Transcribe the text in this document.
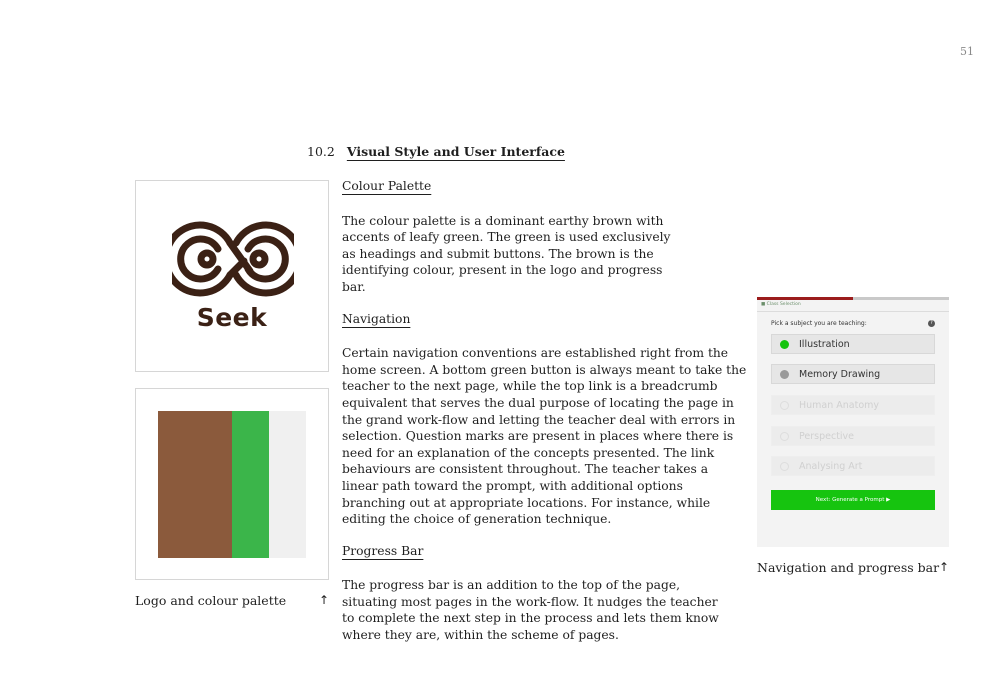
51
10.2 Visual Style and User Interface
Seek
Logo and colour palette	↑
Colour Palette

The colour palette is a dominant earthy brown with accents of leafy green. The green is used exclusively as headings and submit buttons. The brown is the identifying colour, present in the logo and progress bar.

Navigation

Certain navigation conventions are established right from the home screen. A bottom green button is always meant to take the teacher to the next page, while the top link is a breadcrumb equivalent that serves the dual purpose of locating the page in the grand work-flow and letting the teacher deal with errors in selection. Question marks are present in places where there is need for an explanation of the concepts presented. The link behaviours are consistent throughout. The teacher takes a linear path toward the prompt, with additional options branching out at appropriate locations. For instance, while editing the choice of generation technique.

Progress Bar

The progress bar is an addition to the top of the page, situating most pages in the work-flow. It nudges the teacher to complete the next step in the process and lets them know where they are, within the scheme of pages.

■ Class Selection
Pick a subject you are teaching:	?
Illustration
Memory Drawing
Human Anatomy
Perspective
Analysing Art
Next: Generate a Prompt ▶
Navigation and progress bar ↑
